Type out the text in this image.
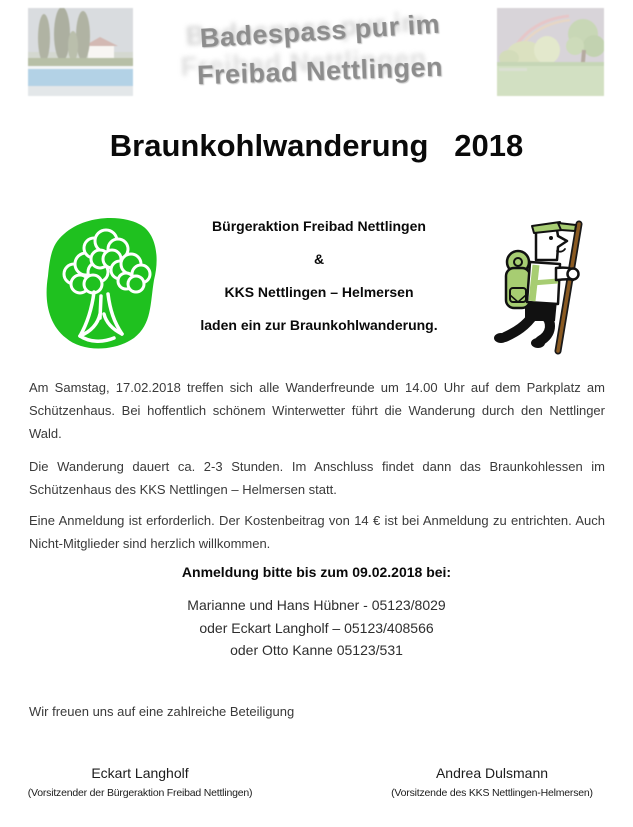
Badespass pur im
Freibad Nettlingen
Braunkohlwanderung   2018
Bürgeraktion Freibad Nettlingen
&
KKS Nettlingen – Helmersen
laden ein zur Braunkohlwanderung.

Am Samstag, 17.02.2018 treffen sich alle Wanderfreunde um 14.00 Uhr auf dem Parkplatz am Schützenhaus. Bei hoffentlich schönem Winterwetter führt die Wanderung durch den Nettlinger Wald.

Die Wanderung dauert ca. 2-3 Stunden. Im Anschluss findet dann das Braunkohlessen im Schützenhaus des KKS Nettlingen – Helmersen statt.

Eine Anmeldung ist erforderlich. Der Kostenbeitrag von 14 € ist bei Anmeldung zu entrichten. Auch Nicht-Mitglieder sind herzlich willkommen.

Anmeldung bitte bis zum 09.02.2018 bei:
Marianne und Hans Hübner - 05123/8029
oder Eckart Langholf – 05123/408566
oder Otto Kanne 05123/531
Wir freuen uns auf eine zahlreiche Beteiligung
Eckart Langholf
(Vorsitzender der Bürgeraktion Freibad Nettlingen)
Andrea Dulsmann
(Vorsitzende des KKS Nettlingen-Helmersen)
